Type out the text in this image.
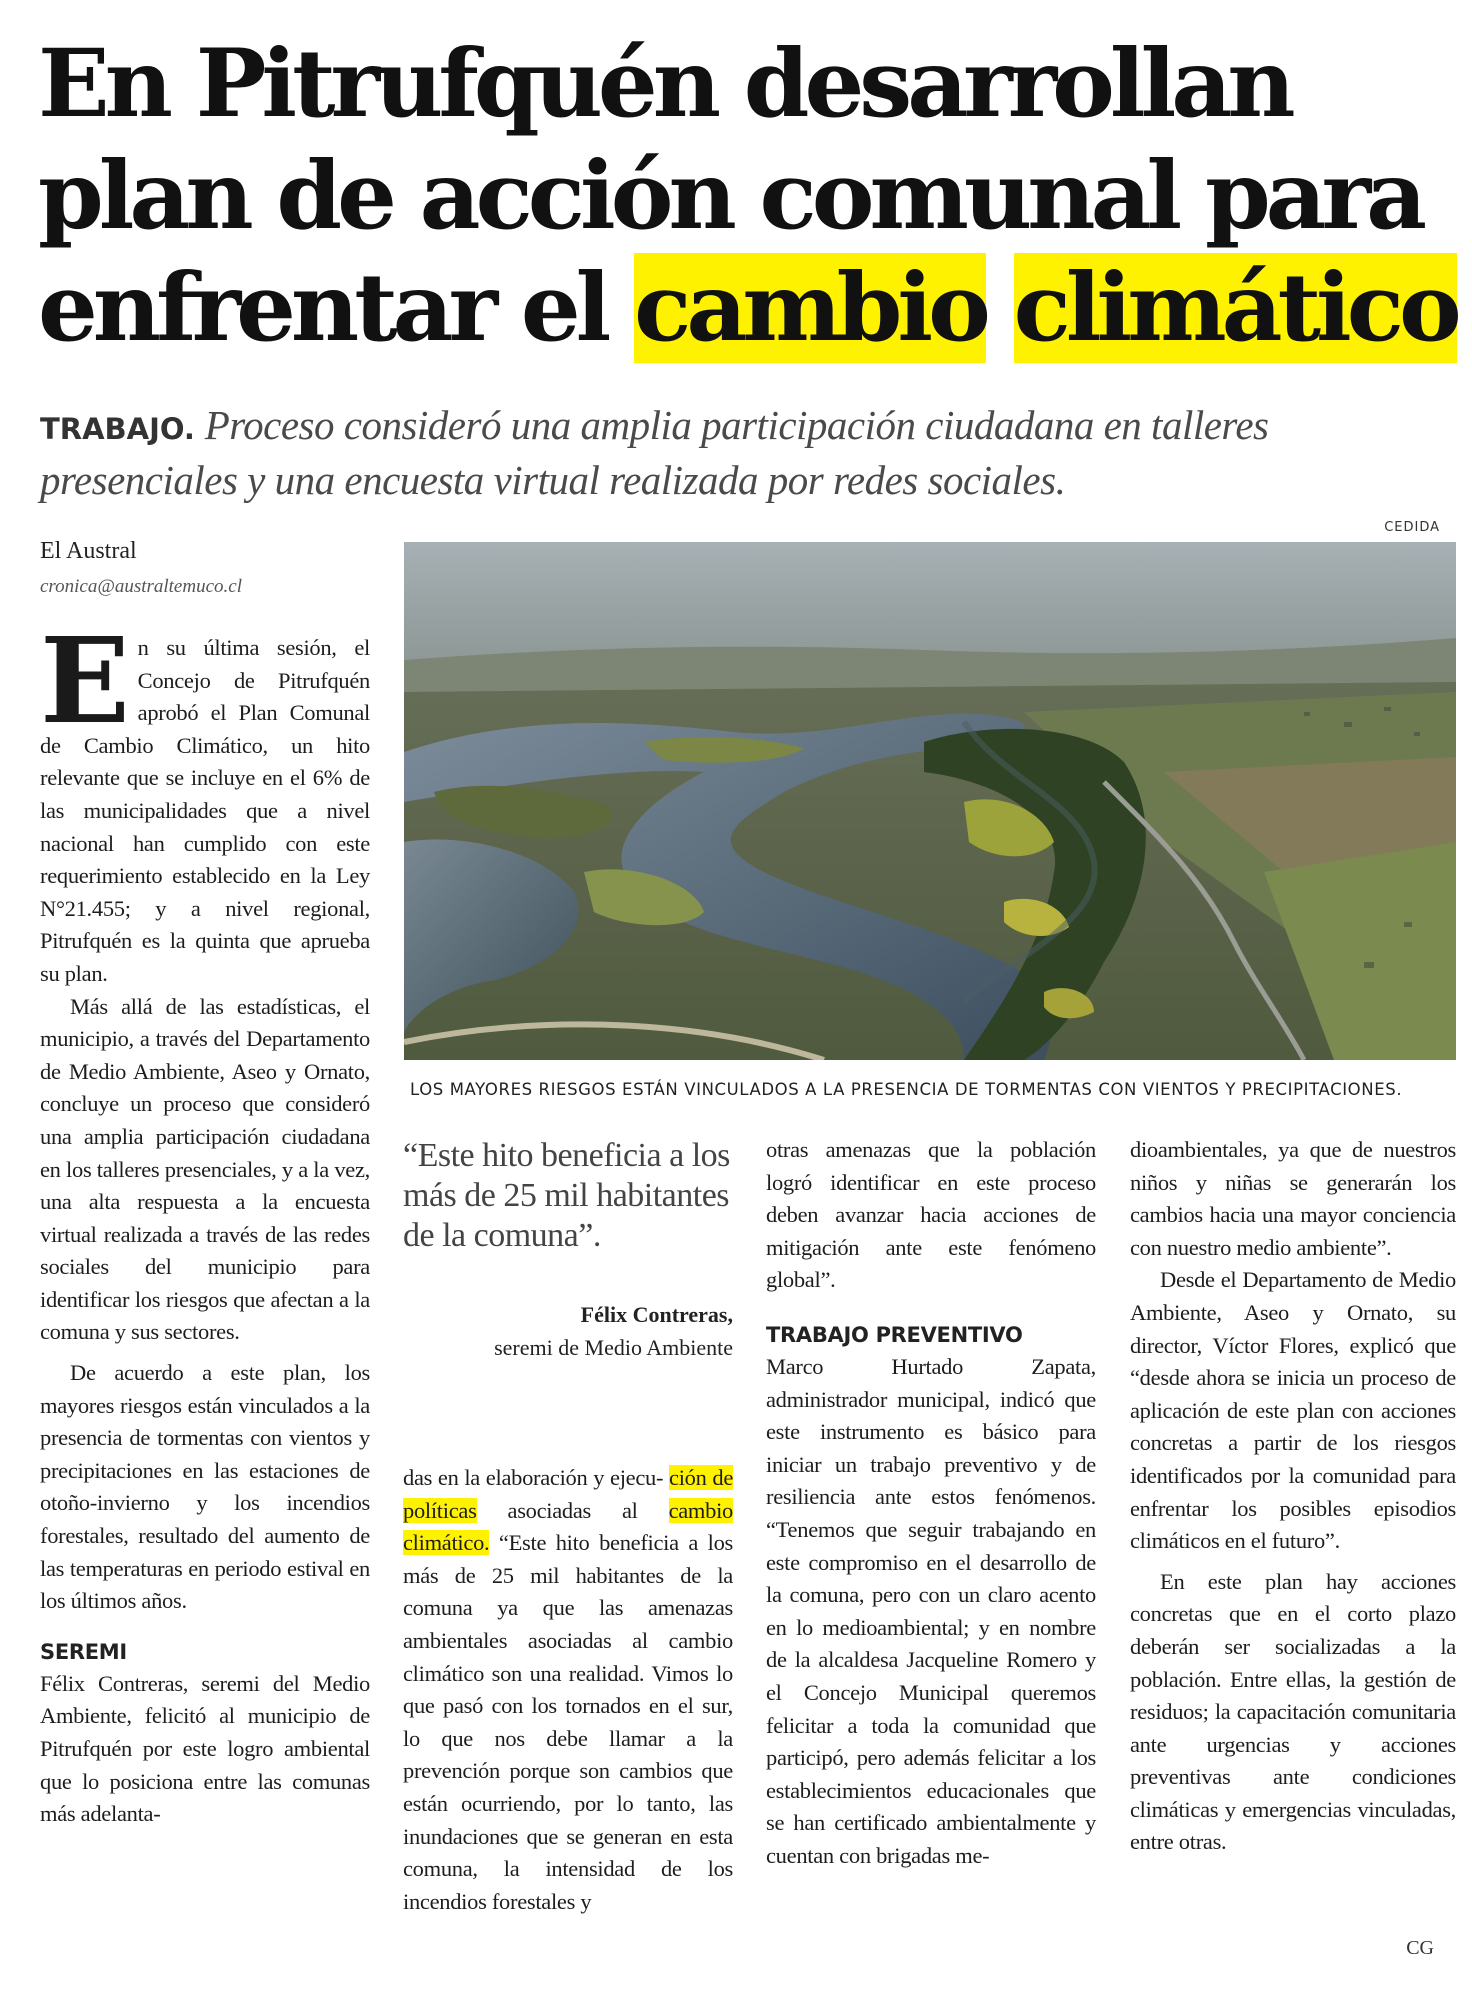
En Pitrufquén desarrollan
plan de acción comunal para
enfrentar el cambio climático
TRABAJO. Proceso consideró una amplia participación ciudadana en talleres presenciales y una encuesta virtual realizada por redes sociales.
El Austral
cronica@australtemuco.cl
CEDIDA
LOS MAYORES RIESGOS ESTÁN VINCULADOS A LA PRESENCIA DE TORMENTAS CON VIENTOS Y PRECIPITACIONES.

En su última sesión, el Concejo de Pitrufquén aprobó el Plan Comunal de Cambio Climático, un hito relevante que se incluye en el 6% de las municipalidades que a nivel nacional han cumplido con este requerimiento establecido en la Ley N°21.455; y a nivel regional, Pitrufquén es la quinta que aprueba su plan.

Más allá de las estadísticas, el municipio, a través del Departamento de Medio Ambiente, Aseo y Ornato, concluye un proceso que consideró una amplia participación ciudadana en los talleres presenciales, y a la vez, una alta respuesta a la encuesta virtual realizada a través de las redes sociales del municipio para identificar los riesgos que afectan a la comuna y sus sectores.

De acuerdo a este plan, los mayores riesgos están vinculados a la presencia de tormentas con vientos y precipitaciones en las estaciones de otoño-invierno y los incendios forestales, resultado del aumento de las temperaturas en periodo estival en los últimos años.

SEREMI

Félix Contreras, seremi del Medio Ambiente, felicitó al municipio de Pitrufquén por este logro ambiental que lo posiciona entre las comunas más adelanta-

“Este hito beneficia a los más de 25 mil habitantes de la comuna”.
Félix Contreras,
seremi de Medio Ambiente

das en la elaboración y ejecu- ción de políticas asociadas al cambio climático. “Este hito beneficia a los más de 25 mil habitantes de la comuna ya que las amenazas ambientales asociadas al cambio climático son una realidad. Vimos lo que pasó con los tornados en el sur, lo que nos debe llamar a la prevención porque son cambios que están ocurriendo, por lo tanto, las inundaciones que se generan en esta comuna, la intensidad de los incendios forestales y

otras amenazas que la población logró identificar en este proceso deben avanzar hacia acciones de mitigación ante este fenómeno global”.

TRABAJO PREVENTIVO

Marco Hurtado Zapata, administrador municipal, indicó que este instrumento es básico para iniciar un trabajo preventivo y de resiliencia ante estos fenómenos. “Tenemos que seguir trabajando en este compromiso en el desarrollo de la comuna, pero con un claro acento en lo medioambiental; y en nombre de la alcaldesa Jacqueline Romero y el Concejo Municipal queremos felicitar a toda la comunidad que participó, pero además felicitar a los establecimientos educacionales que se han certificado ambientalmente y cuentan con brigadas me-

dioambientales, ya que de nuestros niños y niñas se generarán los cambios hacia una mayor conciencia con nuestro medio ambiente”.

Desde el Departamento de Medio Ambiente, Aseo y Ornato, su director, Víctor Flores, explicó que “desde ahora se inicia un proceso de aplicación de este plan con acciones concretas a partir de los riesgos identificados por la comunidad para enfrentar los posibles episodios climáticos en el futuro”.

En este plan hay acciones concretas que en el corto plazo deberán ser socializadas a la población. Entre ellas, la gestión de residuos; la capacitación comunitaria ante urgencias y acciones preventivas ante condiciones climáticas y emergencias vinculadas, entre otras.

CG
